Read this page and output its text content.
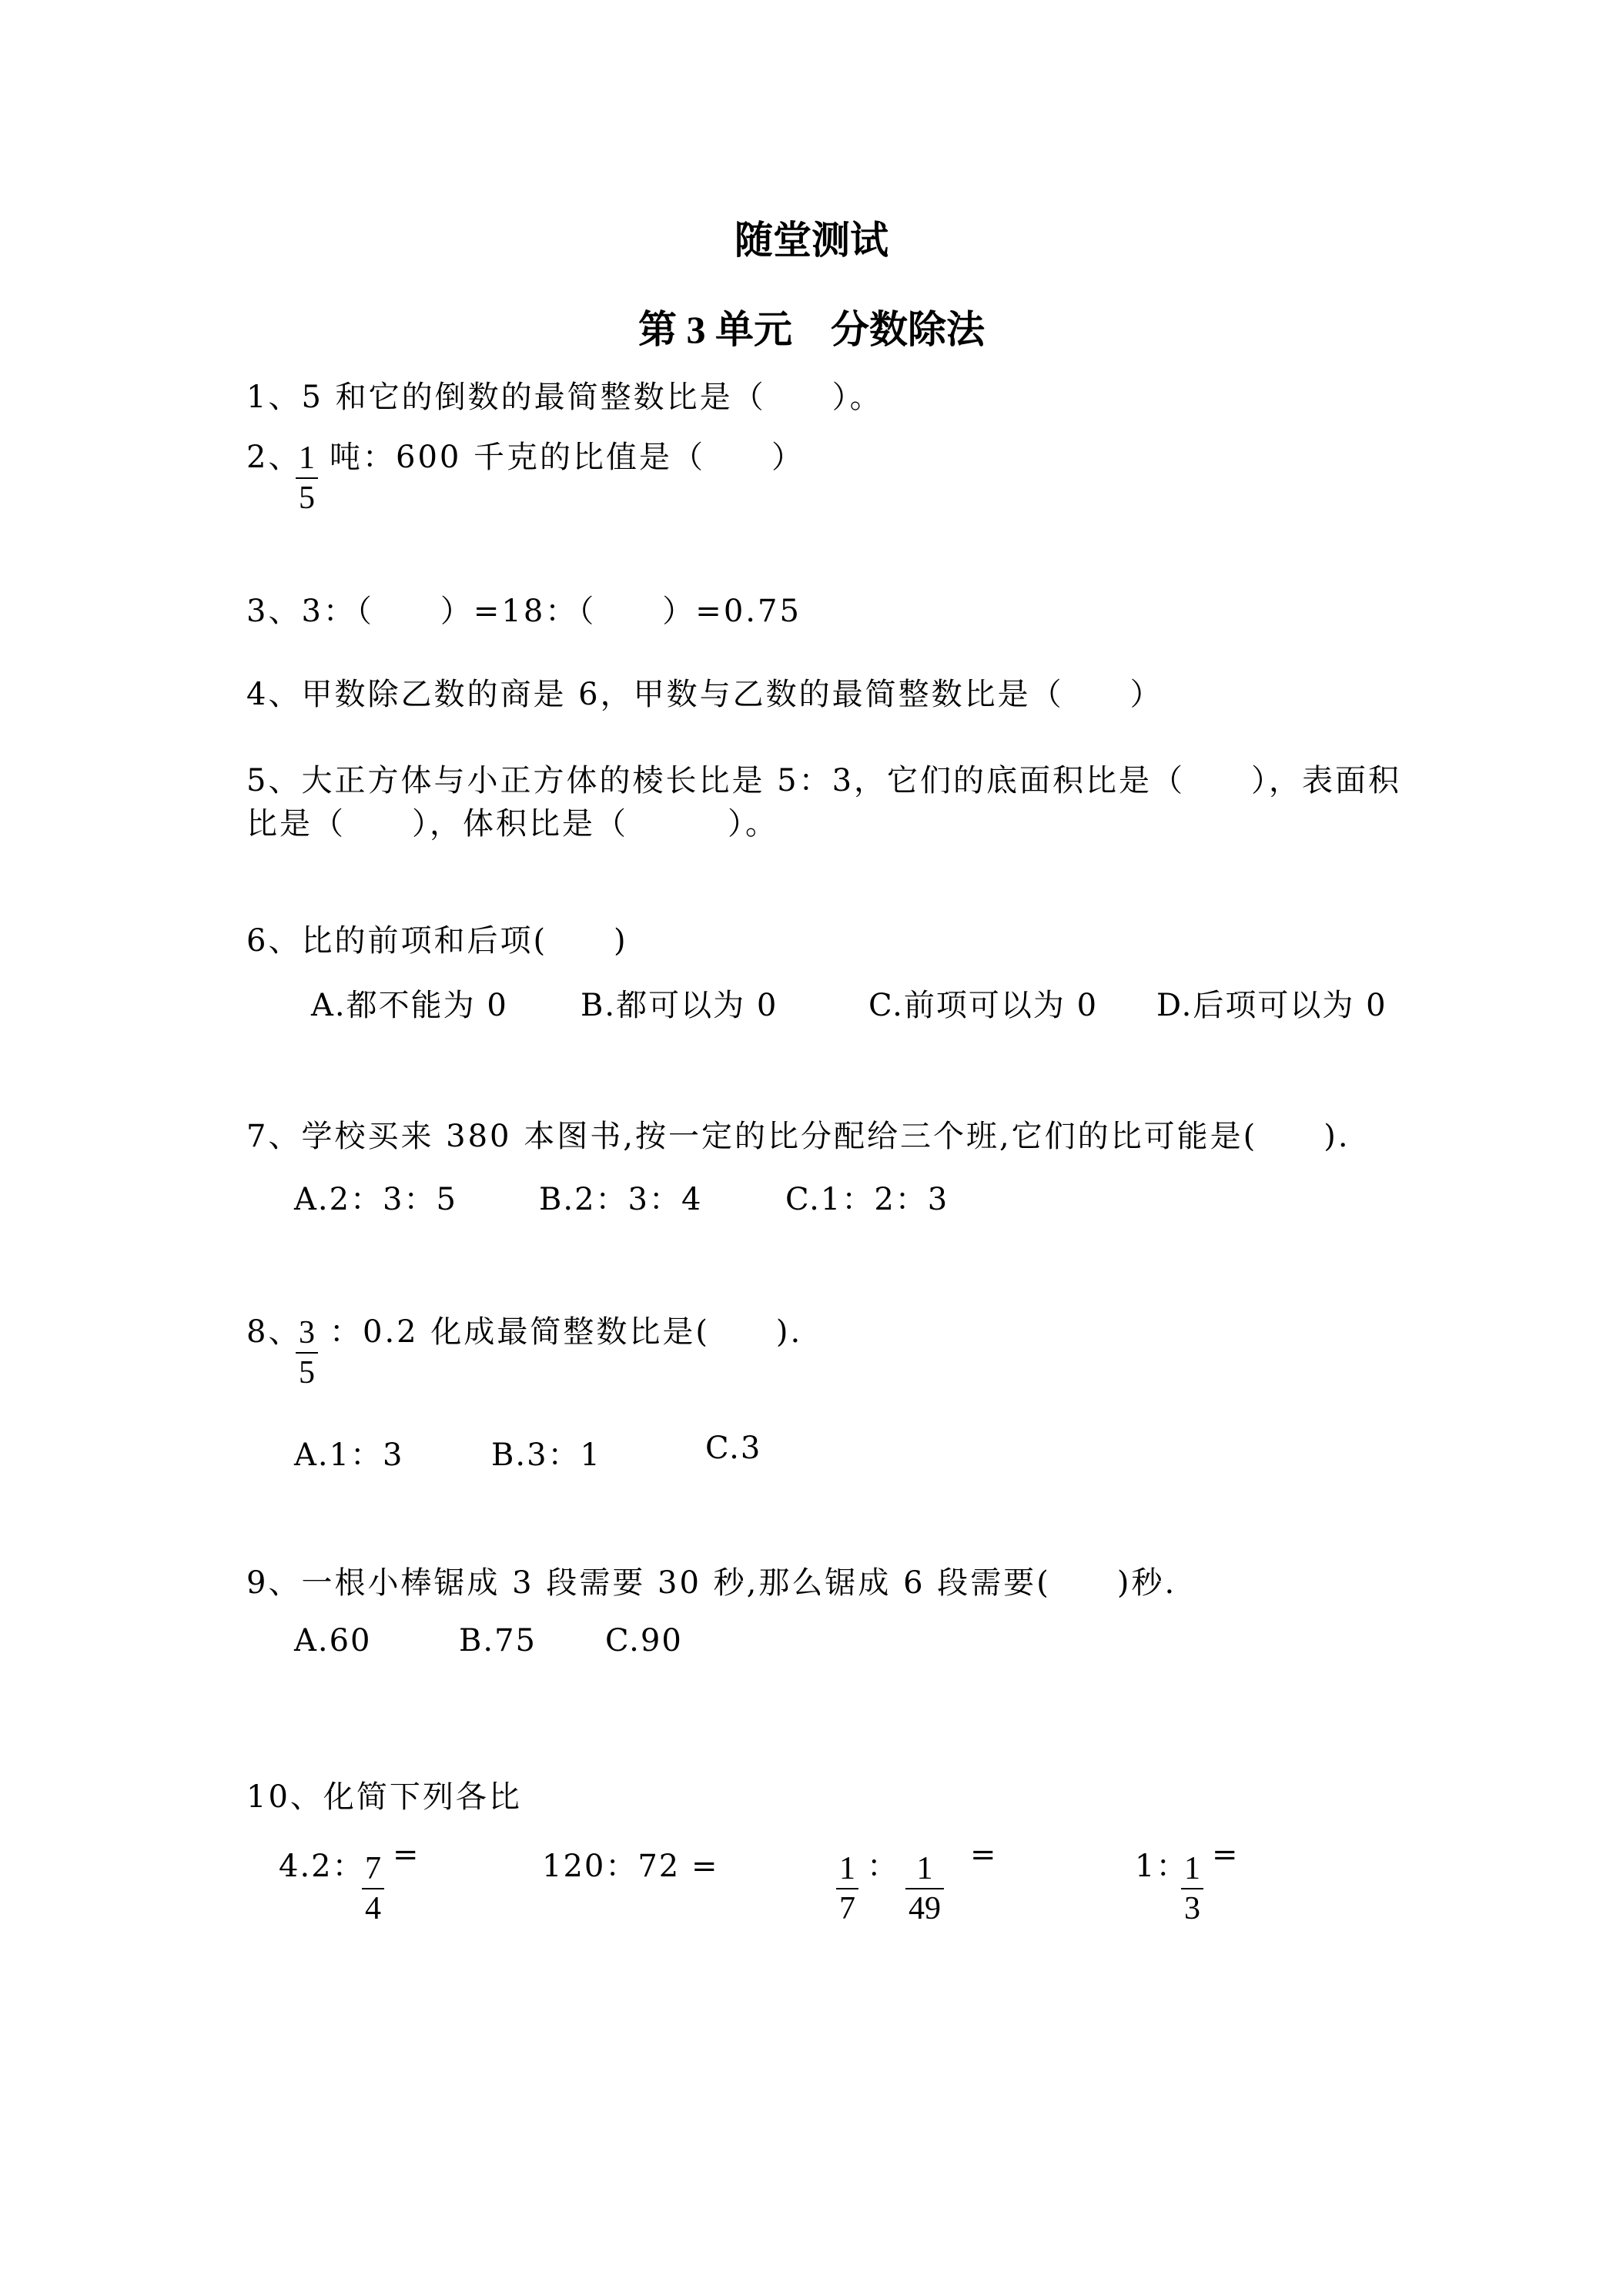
随堂测试
第 3 单元　分数除法
1、5 和它的倒数的最简整数比是（　　）。
2、
1
5
吨：600 千克的比值是（　　）
3、3：（　　）=18：（　　）=0.75
4、甲数除乙数的商是 6，甲数与乙数的最简整数比是（　　）
5、大正方体与小正方体的棱长比是 5：3，它们的底面积比是（　　），表面积
比是（　　），体积比是（　　　）。
6、比的前项和后项(　　)
A.都不能为 0 B.都可以为 0	C.前项可以为 0 D.后项可以为 0
7、学校买来 380 本图书,按一定的比分配给三个班,它们的比可能是(　　).
A.2：3：5	B.2：3：4	C.1：2：3
8、
3
5
：0.2 化成最简整数比是(　　).
A.1：3	B.3：1	C.3
9、一根小棒锯成 3 段需要 30 秒,那么锯成 6 段需要(　　)秒.
A.60	B.75 C.90
10、化简下列各比
4.2： 7
4
=	120：72 =	1
7
： 1
49
=	1：
1
3
=
